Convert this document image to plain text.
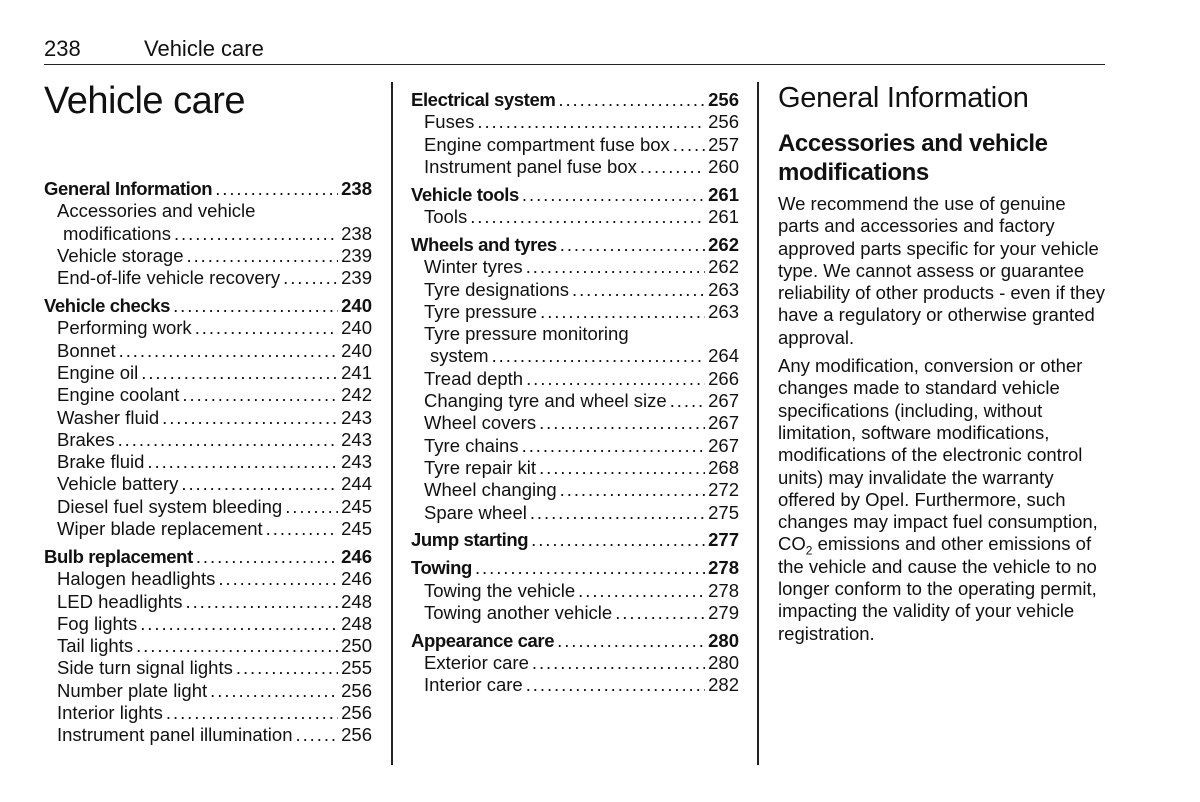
238	Vehicle care
Vehicle care
General Information . . .	238
Accessories and vehicle
modifications . . .	238
Vehicle storage . . .	239
End-of-life vehicle recovery . . .	239
Vehicle checks . . .	240
Performing work . . .	240
Bonnet . . .	240
Engine oil . . .	241
Engine coolant . . .	242
Washer fluid . . .	243
Brakes . . .	243
Brake fluid . . .	243
Vehicle battery . . .	244
Diesel fuel system bleeding . . .	245
Wiper blade replacement . . .	245
Bulb replacement . . .	246
Halogen headlights . . .	246
LED headlights . . .	248
Fog lights . . .	248
Tail lights . . .	250
Side turn signal lights . . .	255
Number plate light . . .	256
Interior lights . . .	256
Instrument panel illumination . . .	256
Electrical system . . .	256
Fuses . . .	256
Engine compartment fuse box . . . 257
Instrument panel fuse box . . .	260
Vehicle tools . . .	261
Tools . . .	261
Wheels and tyres . . .	262
Winter tyres . . .	262
Tyre designations . . .	263
Tyre pressure . . .	263
Tyre pressure monitoring
system . . .	264
Tread depth . . .	266
Changing tyre and wheel size . . . 267
Wheel covers . . .	267
Tyre chains . . .	267
Tyre repair kit . . .	268
Wheel changing . . .	272
Spare wheel . . .	275
Jump starting . . .	277
Towing . . .	278
Towing the vehicle . . .	278
Towing another vehicle . . .	279
Appearance care . . .	280
Exterior care . . .	280
Interior care . . .	282
General Information
Accessories and vehicle modifications

We recommend the use of genuine parts and accessories and factory approved parts specific for your vehicle type. We cannot assess or guarantee reliability of other products - even if they have a regulatory or otherwise granted approval.

Any modification, conversion or other changes made to standard vehicle specifications (including, without limitation, software modifications, modifications of the electronic control units) may invalidate the warranty offered by Opel. Furthermore, such changes may impact fuel consumption, $CO_2$ emissions and other emissions of the vehicle and cause the vehicle to no longer conform to the operating permit, impacting the validity of your vehicle registration.
